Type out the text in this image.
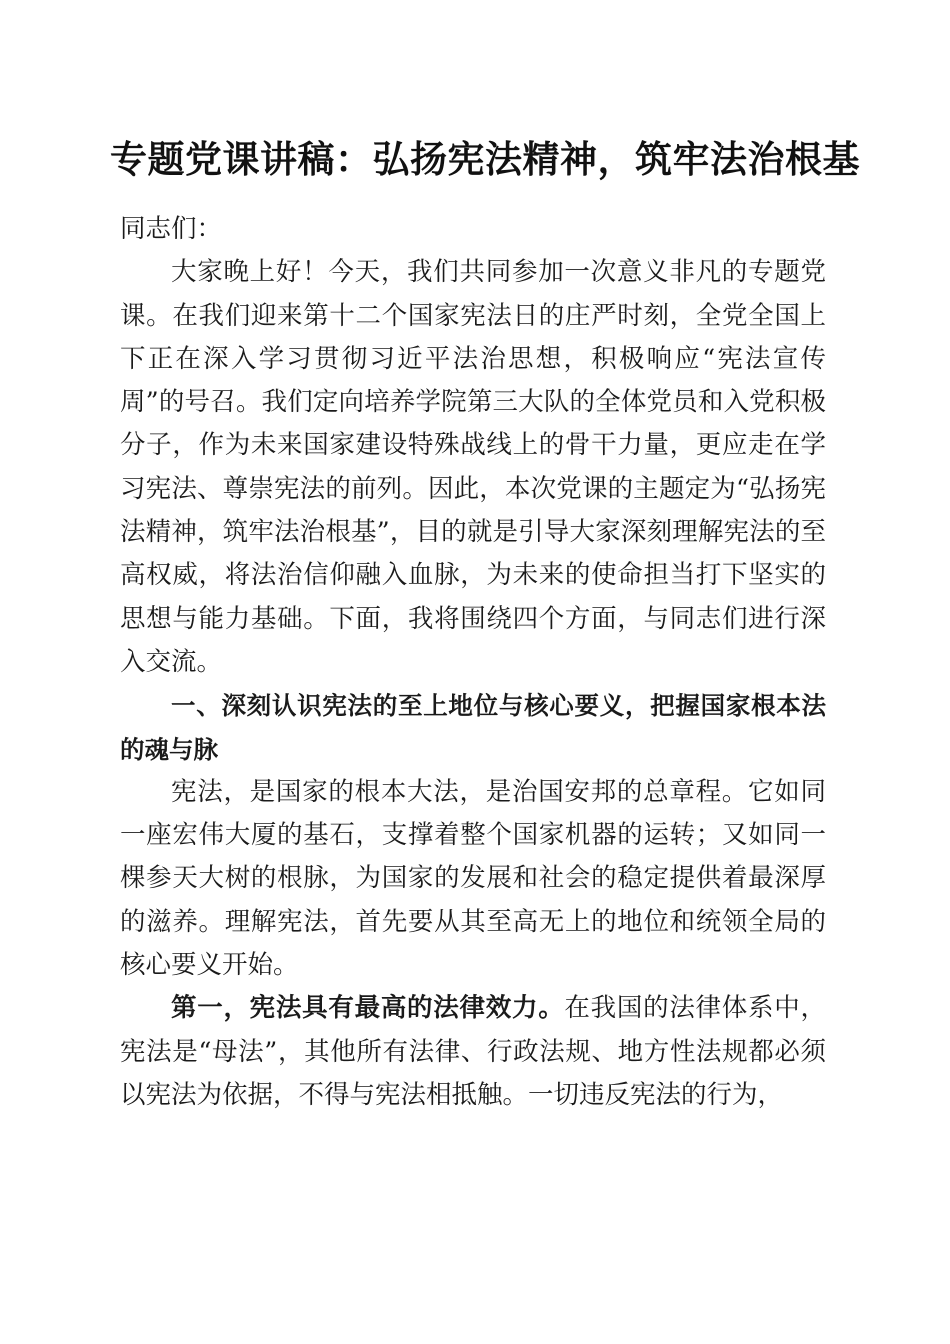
专题党课讲稿：弘扬宪法精神，筑牢法治根基

同志们：

大家晚上好！今天，我们共同参加一次意义非凡的专题党课。在我们迎来第十二个国家宪法日的庄严时刻，全党全国上下正在深入学习贯彻习近平法治思想，积极响应“宪法宣传周”的号召。我们定向培养学院第三大队的全体党员和入党积极分子，作为未来国家建设特殊战线上的骨干力量，更应走在学习宪法、尊崇宪法的前列。因此，本次党课的主题定为“弘扬宪法精神，筑牢法治根基”，目的就是引导大家深刻理解宪法的至高权威，将法治信仰融入血脉，为未来的使命担当打下坚实的思想与能力基础。下面，我将围绕四个方面，与同志们进行深入交流。

一、深刻认识宪法的至上地位与核心要义，把握国家根本法的魂与脉

宪法，是国家的根本大法，是治国安邦的总章程。它如同一座宏伟大厦的基石，支撑着整个国家机器的运转；又如同一棵参天大树的根脉，为国家的发展和社会的稳定提供着最深厚的滋养。理解宪法，首先要从其至高无上的地位和统领全局的核心要义开始。

第一，宪法具有最高的法律效力。在我国的法律体系中，宪法是“母法”，其他所有法律、行政法规、地方性法规都必须以宪法为依据，不得与宪法相抵触。一切违反宪法的行为，
